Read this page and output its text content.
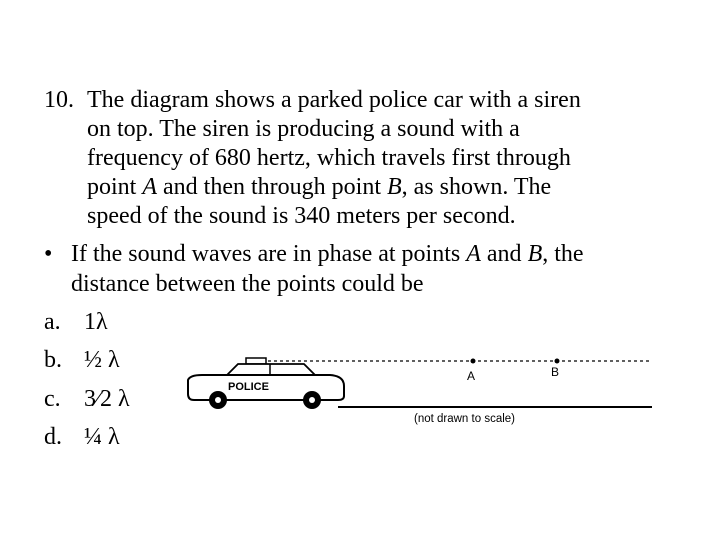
10. The diagram shows a parked police car with a siren
on top. The siren is producing a sound with a
frequency of 680 hertz, which travels first through
point A and then through point B, as shown. The
speed of the sound is 340 meters per second.
• If the sound waves are in phase at points A and B, the
distance between the points could be
a. 1λ
b. ½ λ
c. 3⁄2 λ
d. ¼ λ
POLICE
A	B
(not drawn to scale)
